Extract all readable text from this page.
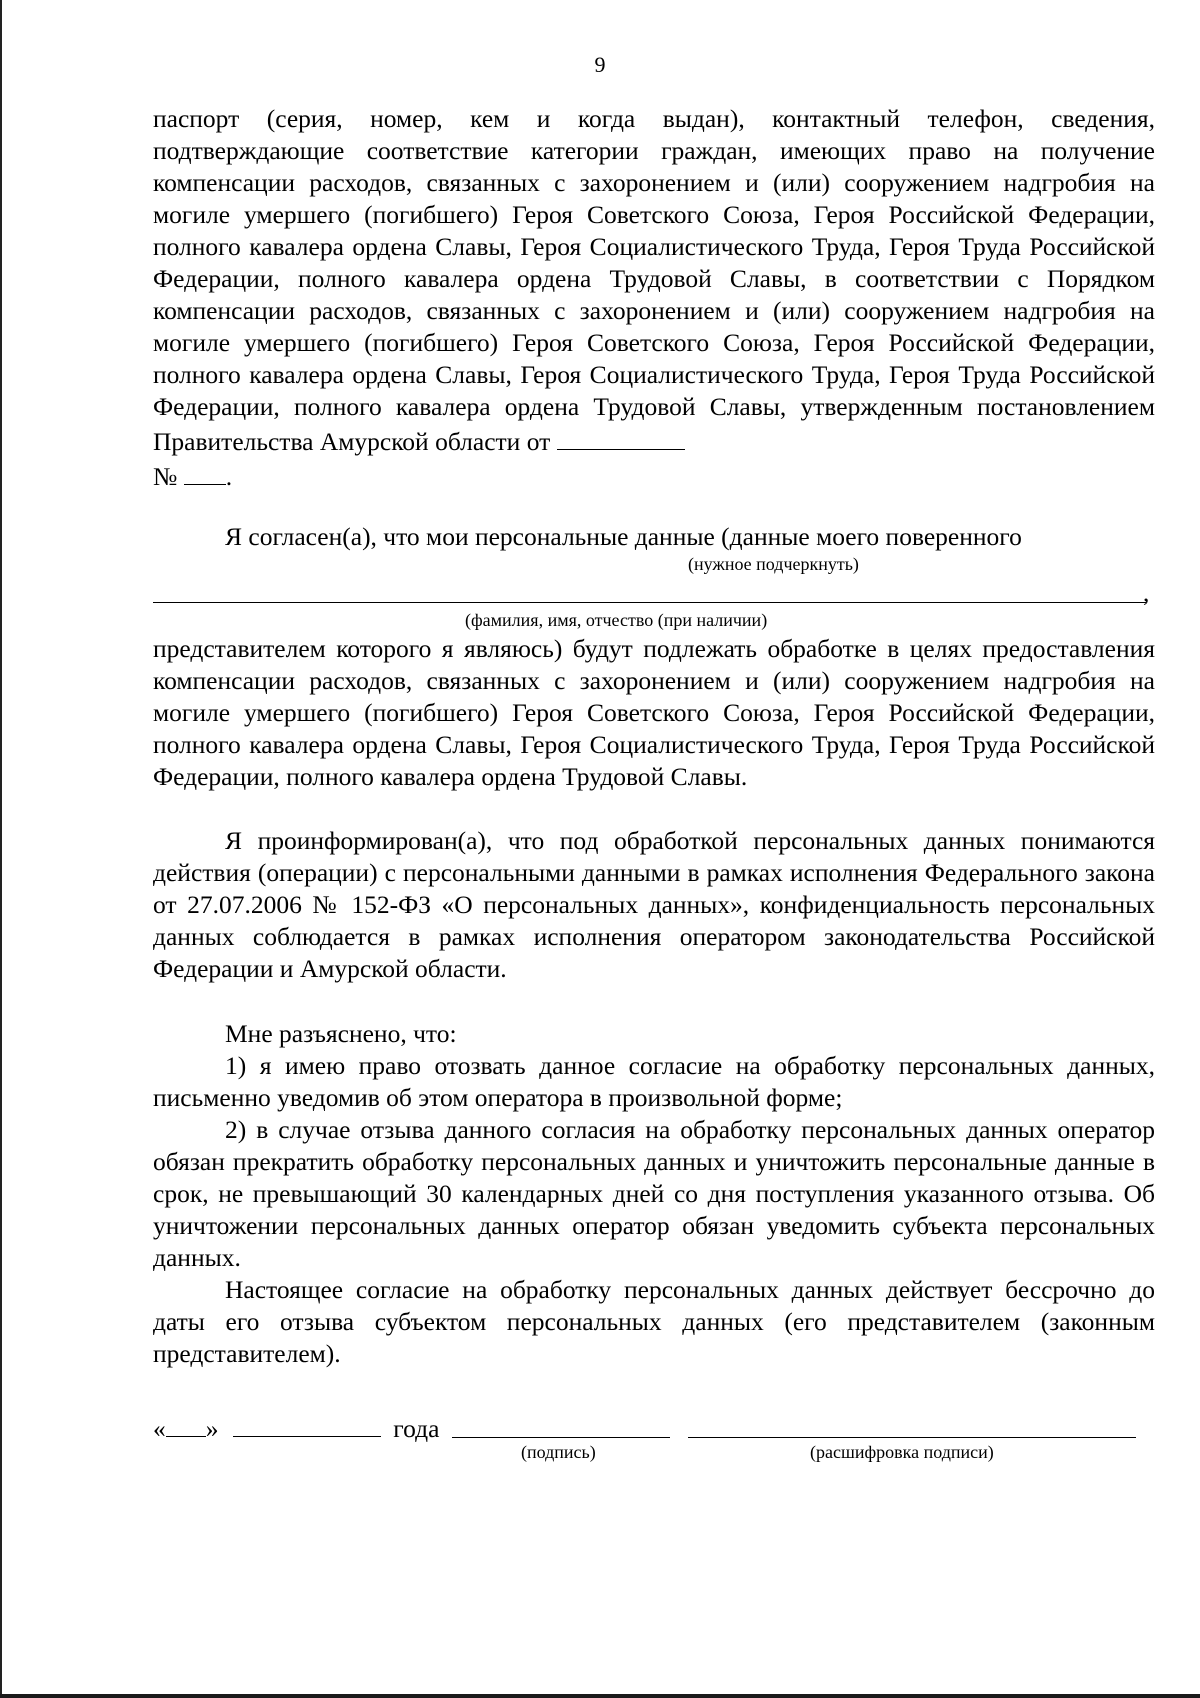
9

паспорт (серия, номер, кем и когда выдан), контактный телефон, сведения, подтверждающие соответствие категории граждан, имеющих право на получение компенсации расходов, связанных с захоронением и (или) сооружением надгробия на могиле умершего (погибшего) Героя Советского Союза, Героя Российской Федерации, полного кавалера ордена Славы, Героя Социалистического Труда, Героя Труда Российской Федерации, полного кавалера ордена Трудовой Славы, в соответствии с Порядком компенсации расходов, связанных с захоронением и (или) сооружением надгробия на могиле умершего (погибшего) Героя Советского Союза, Героя Российской Федерации, полного кавалера ордена Славы, Героя Социалистического Труда, Героя Труда Российской Федерации, полного кавалера ордена Трудовой Славы, утвержденным постановлением Правительства Амурской области от

№ .

Я согласен(а), что мои персональные данные (данные моего поверенного

(нужное подчеркнуть)
,
(фамилия, имя, отчество (при наличии)

представителем которого я являюсь) будут подлежать обработке в целях предоставления компенсации расходов, связанных с захоронением и (или) сооружением надгробия на могиле умершего (погибшего) Героя Советского Союза, Героя Российской Федерации, полного кавалера ордена Славы, Героя Социалистического Труда, Героя Труда Российской Федерации, полного кавалера ордена Трудовой Славы.

Я проинформирован(а), что под обработкой персональных данных понимаются действия (операции) с персональными данными в рамках исполнения Федерального закона от 27.07.2006 № 152-ФЗ «О персональных данных», конфиденциальность персональных данных соблюдается в рамках исполнения оператором законодательства Российской Федерации и Амурской области.

Мне разъяснено, что:

1) я имею право отозвать данное согласие на обработку персональных данных, письменно уведомив об этом оператора в произвольной форме;

2) в случае отзыва данного согласия на обработку персональных данных оператор обязан прекратить обработку персональных данных и уничтожить персональные данные в срок, не превышающий 30 календарных дней со дня поступления указанного отзыва. Об уничтожении персональных данных оператор обязан уведомить субъекта персональных данных.

Настоящее согласие на обработку персональных данных действует бессрочно до даты его отзыва субъектом персональных данных (его представителем (законным представителем).

« »	года
(подпись)	(расшифровка подписи)
